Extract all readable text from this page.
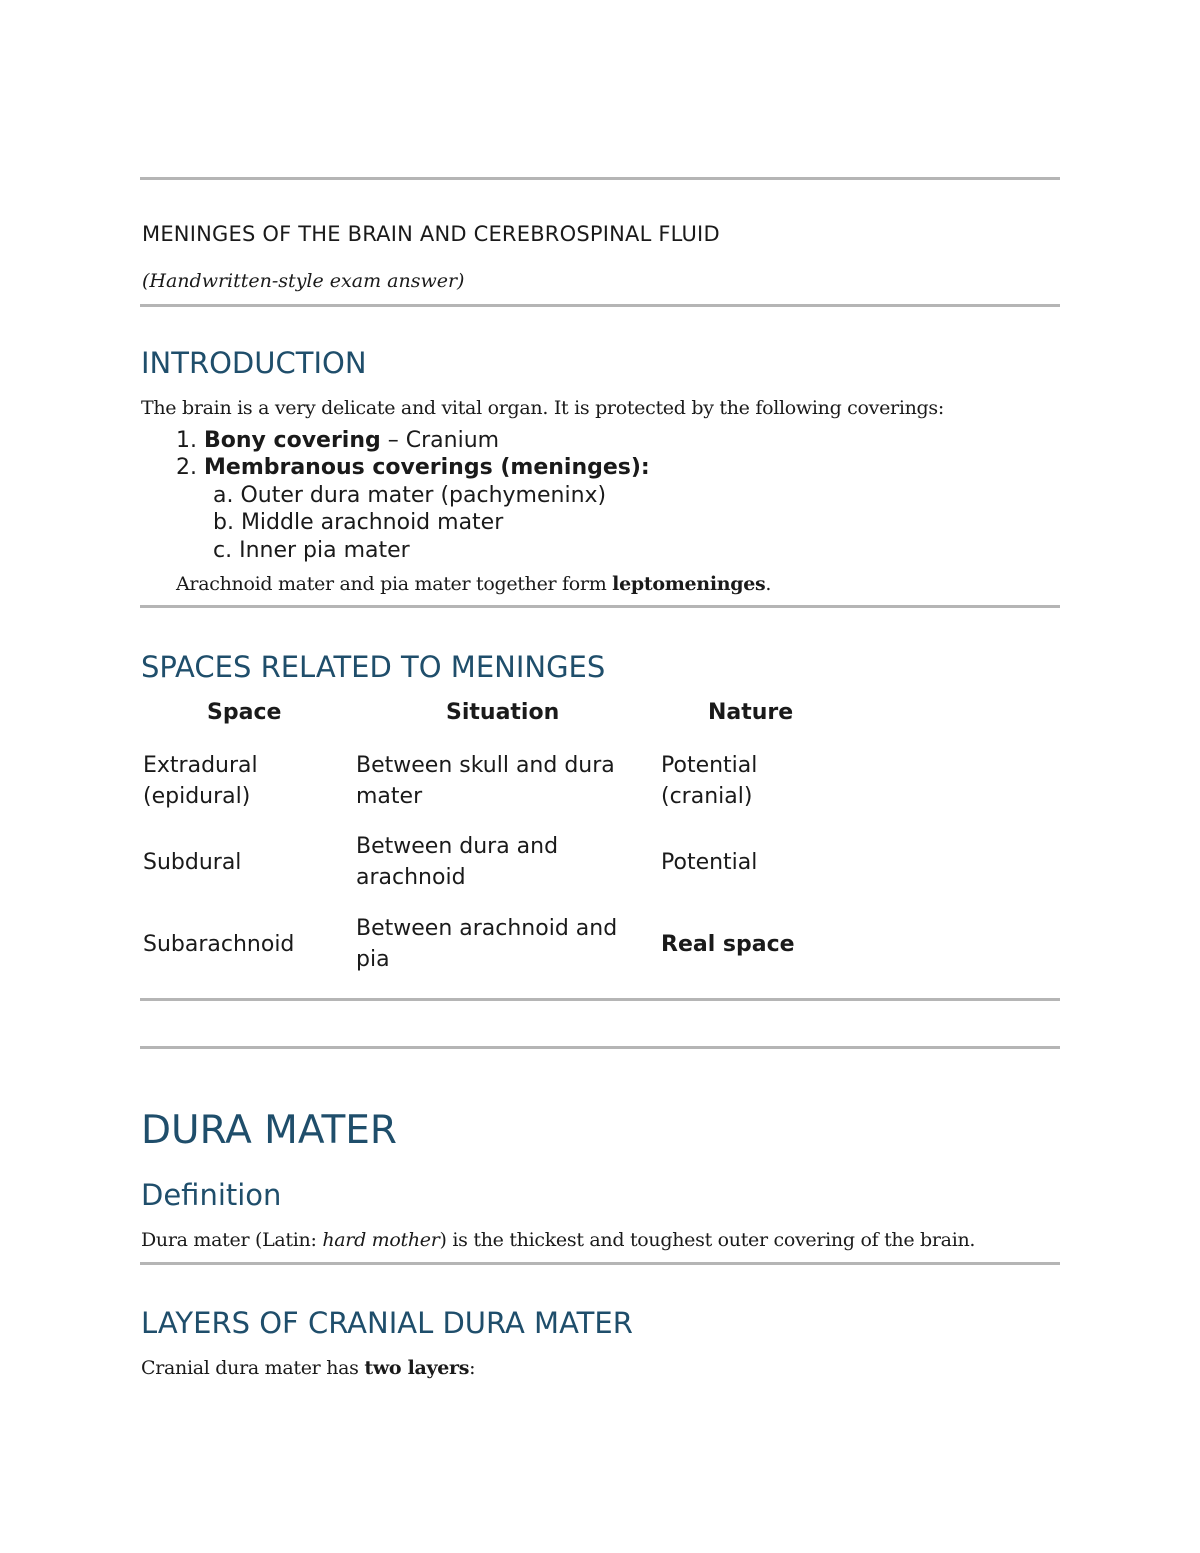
MENINGES OF THE BRAIN AND CEREBROSPINAL FLUID
(Handwritten-style exam answer)
INTRODUCTION
The brain is a very delicate and vital organ. It is protected by the following coverings:
1. Bony covering – Cranium
2. Membranous coverings (meninges):
a. Outer dura mater (pachymeninx)
b. Middle arachnoid mater
c. Inner pia mater
Arachnoid mater and pia mater together form leptomeninges.
SPACES RELATED TO MENINGES
Space	Situation	Nature
Extradural (epidural)
Between skull and dura mater
Potential (cranial)
Subdural
Between dura and arachnoid
Potential
Subarachnoid
Between arachnoid and pia
Real space
DURA MATER
Definition
Dura mater (Latin: hard mother) is the thickest and toughest outer covering of the brain.
LAYERS OF CRANIAL DURA MATER
Cranial dura mater has two layers:
